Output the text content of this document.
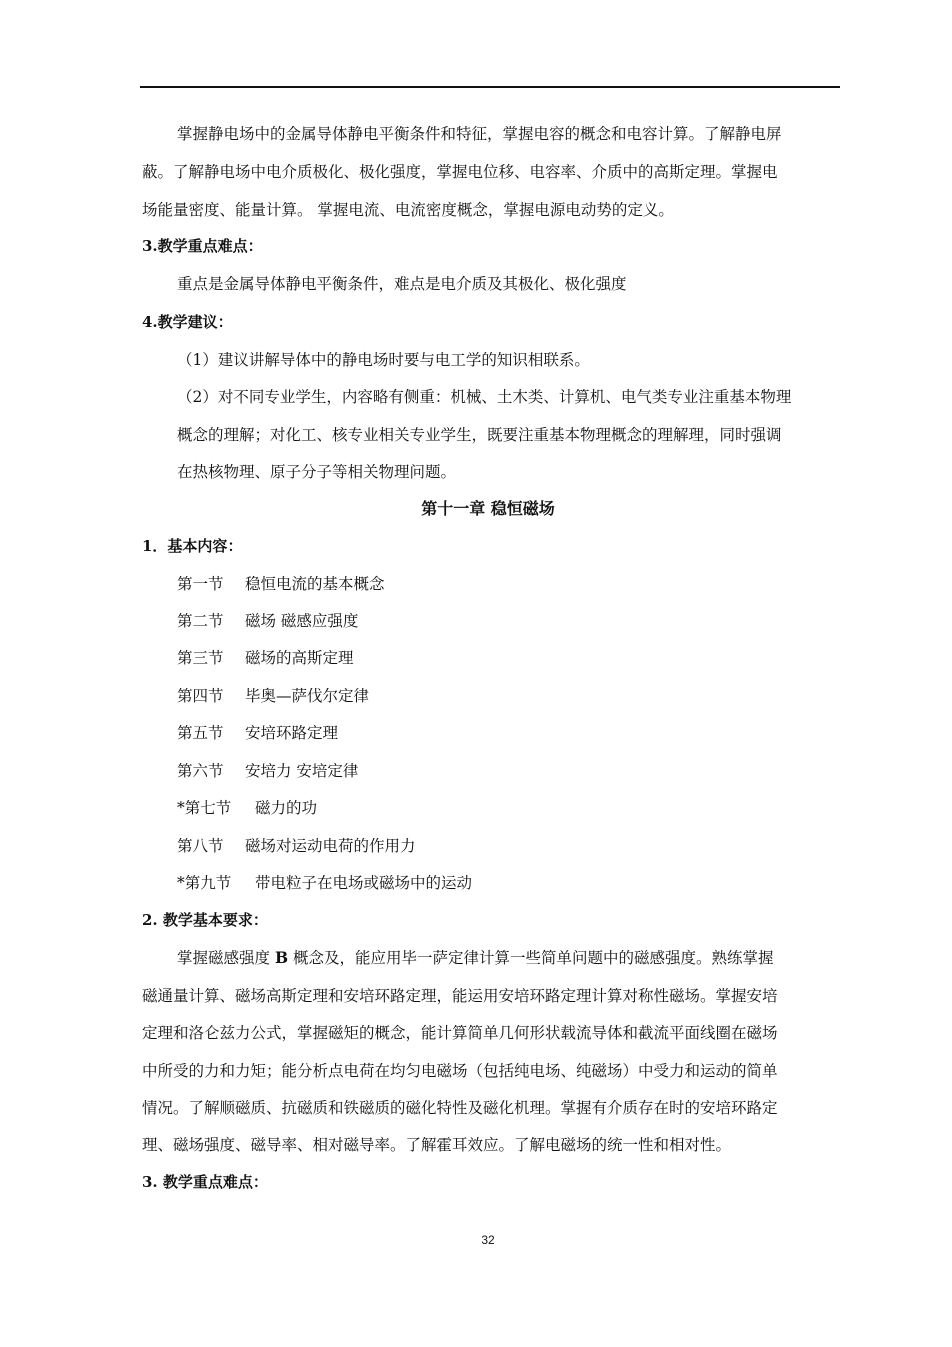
掌握静电场中的金属导体静电平衡条件和特征，掌握电容的概念和电容计算。了解静电屏
蔽。了解静电场中电介质极化、极化强度，掌握电位移、电容率、介质中的高斯定理。掌握电
场能量密度、能量计算。 掌握电流、电流密度概念，掌握电源电动势的定义。
3.教学重点难点：
重点是金属导体静电平衡条件，难点是电介质及其极化、极化强度
4.教学建议：
（1）建议讲解导体中的静电场时要与电工学的知识相联系。
（2）对不同专业学生，内容略有侧重：机械、土木类、计算机、电气类专业注重基本物理
概念的理解；对化工、核专业相关专业学生，既要注重基本物理概念的理解理，同时强调
在热核物理、原子分子等相关物理问题。
第十一章 稳恒磁场
1．基本内容：
第一节 稳恒电流的基本概念
第二节 磁场 磁感应强度
第三节 磁场的高斯定理
第四节 毕奥—萨伐尔定律
第五节 安培环路定理
第六节 安培力 安培定律
*第七节 磁力的功
第八节 磁场对运动电荷的作用力
*第九节 带电粒子在电场或磁场中的运动
2. 教学基本要求：
掌握磁感强度 B 概念及，能应用毕一萨定律计算一些简单问题中的磁感强度。熟练掌握
磁通量计算、磁场高斯定理和安培环路定理，能运用安培环路定理计算对称性磁场。掌握安培
定理和洛仑兹力公式，掌握磁矩的概念，能计算简单几何形状载流导体和截流平面线圈在磁场
中所受的力和力矩；能分析点电荷在均匀电磁场（包括纯电场、纯磁场）中受力和运动的简单
情况。了解顺磁质、抗磁质和铁磁质的磁化特性及磁化机理。掌握有介质存在时的安培环路定
理、磁场强度、磁导率、相对磁导率。了解霍耳效应。了解电磁场的统一性和相对性。
3. 教学重点难点：
32
